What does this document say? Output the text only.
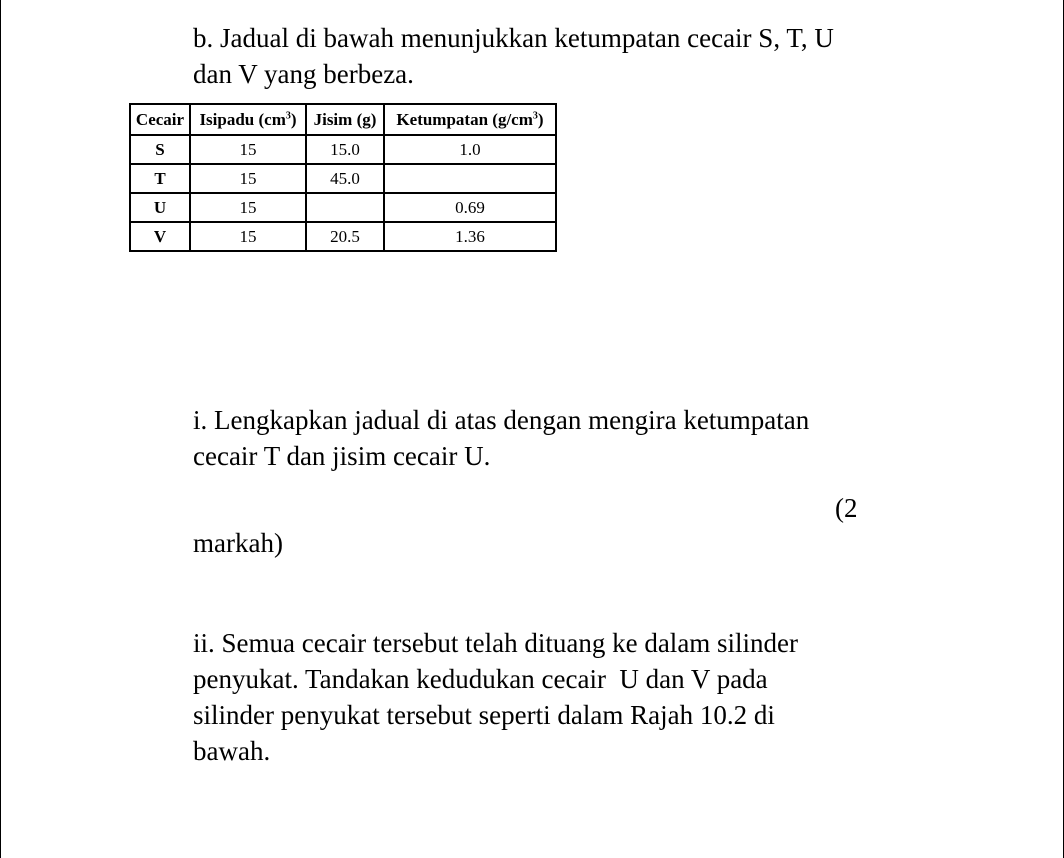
b. Jadual di bawah menunjukkan ketumpatan cecair S, T, U
dan V yang berbeza.
Cecair	Isipadu $(cm^3)$	Jisim (g)	Ketumpatan $(g/cm^3)$
S	15	15.0	1.0
T	15	45.0	
U	15		0.69
V	15	20.5	1.36
i. Lengkapkan jadual di atas dengan mengira ketumpatan
cecair T dan jisim cecair U.
(2
markah)
ii. Semua cecair tersebut telah dituang ke dalam silinder
penyukat. Tandakan kedudukan cecair  U dan V pada
silinder penyukat tersebut seperti dalam Rajah 10.2 di
bawah.
